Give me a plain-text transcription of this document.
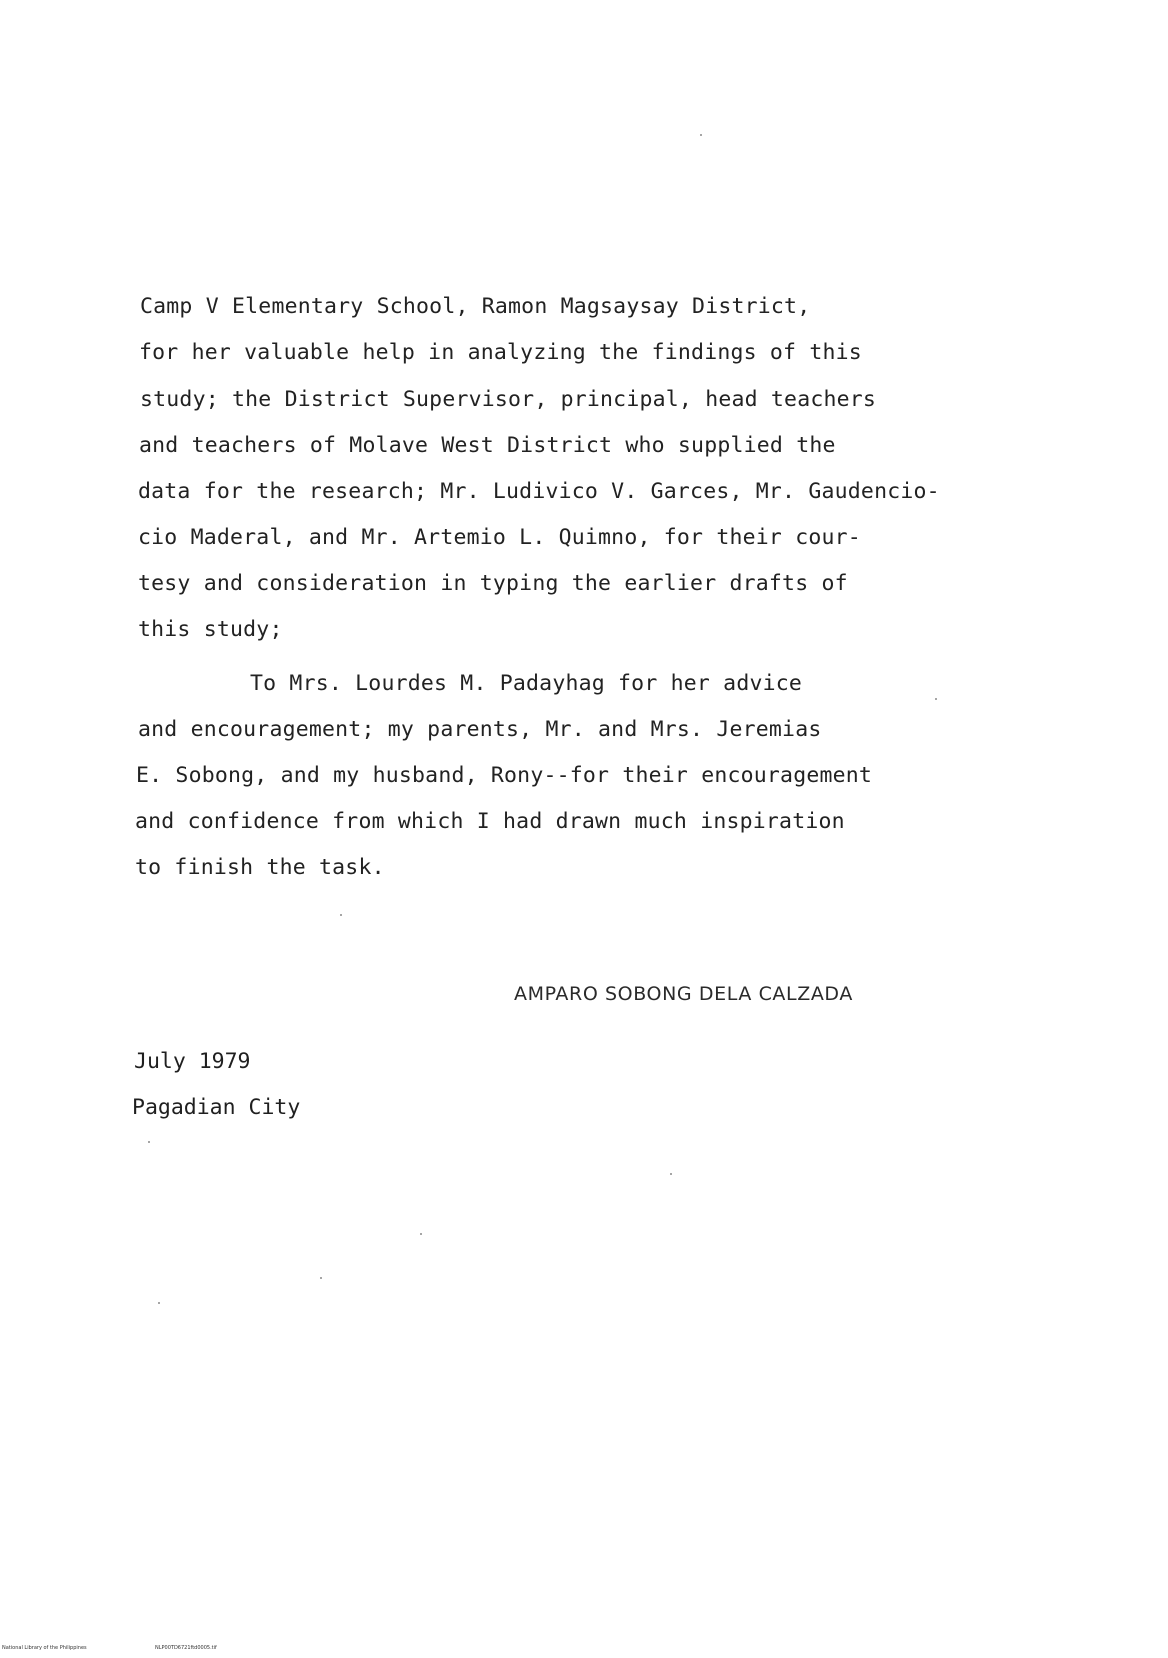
Camp V Elementary School, Ramon Magsaysay District,
for her valuable help in analyzing the findings of this
study; the District Supervisor, principal, head teachers
and teachers of Molave West District who supplied the
data for the research; Mr. Ludivico V. Garces, Mr. Gaudencio-
cio Maderal, and Mr. Artemio L. Quimno, for their cour-
tesy and consideration in typing the earlier drafts of
this study;
To Mrs. Lourdes M. Padayhag for her advice
and encouragement; my parents, Mr. and Mrs. Jeremias
E. Sobong, and my husband, Rony--for their encouragement
and confidence from which I had drawn much inspiration
to finish the task.
AMPARO SOBONG DELA CALZADA
July 1979
Pagadian City
National Library of the Philippines	NLP00TD6721ftd0005.tif
